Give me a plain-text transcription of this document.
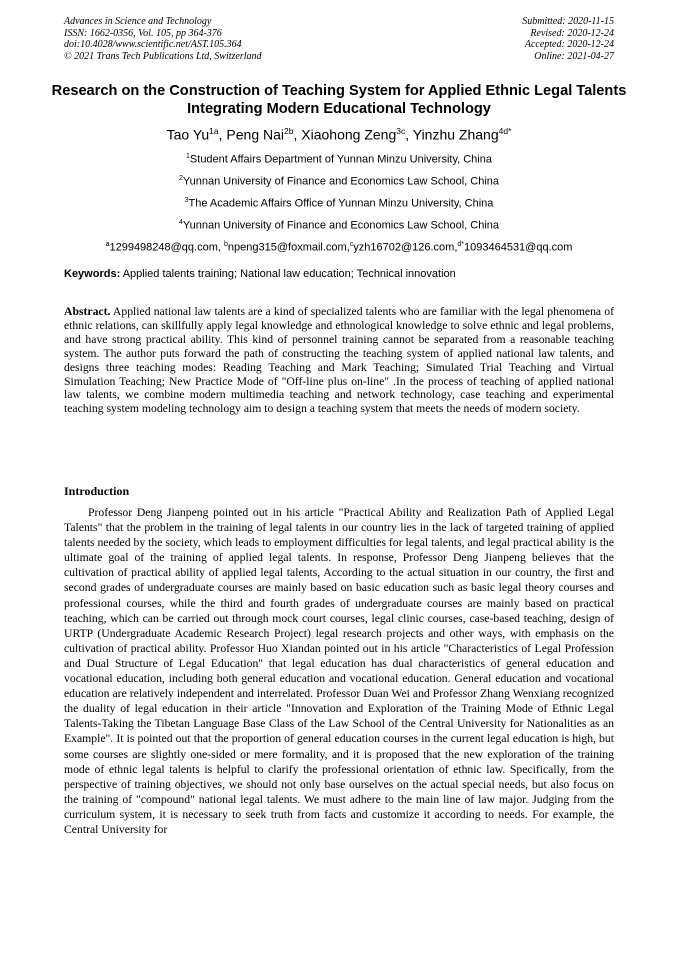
Advances in Science and Technology
ISSN: 1662-0356, Vol. 105, pp 364-376
doi:10.4028/www.scientific.net/AST.105.364
© 2021 Trans Tech Publications Ltd, Switzerland
Submitted: 2020-11-15
Revised: 2020-12-24
Accepted: 2020-12-24
Online: 2021-04-27
Research on the Construction of Teaching System for Applied Ethnic Legal Talents Integrating Modern Educational Technology
Tao $Yu^{1a}$, Peng Nai$^{2b}$, Xiaohong Zeng$^{3c}$, Yinzhu Zhang$^{4d*}$
$^1$Student Affairs Department of Yunnan Minzu University, China
$^2$Yunnan University of Finance and Economics Law School, China
$^3$The Academic Affairs Office of Yunnan Minzu University, China
$^4$Yunnan University of Finance and Economics Law School, China
$^a$1299498248@qq.com, $^b$npeng315@foxmail.com,$^c$yzh16702@126.com,$^{d*}$1093464531@qq.com
Keywords: Applied talents training; National law education; Technical innovation
Abstract. Applied national law talents are a kind of specialized talents who are familiar with the legal phenomena of ethnic relations, can skillfully apply legal knowledge and ethnological knowledge to solve ethnic and legal problems, and have strong practical ability. This kind of personnel training cannot be separated from a reasonable teaching system. The author puts forward the path of constructing the teaching system of applied national law talents, and designs three teaching modes: Reading Teaching and Mark Teaching; Simulated Trial Teaching and Virtual Simulation Teaching; New Practice Mode of "Off-line plus on-line" .In the process of teaching of applied national law talents, we combine modern multimedia teaching and network technology, case teaching and experimental teaching system modeling technology aim to design a teaching system that meets the needs of modern society.
Introduction
Professor Deng Jianpeng pointed out in his article "Practical Ability and Realization Path of Applied Legal Talents" that the problem in the training of legal talents in our country lies in the lack of targeted training of applied talents needed by the society, which leads to employment difficulties for legal talents, and legal practical ability is the ultimate goal of the training of applied legal talents. In response, Professor Deng Jianpeng believes that the cultivation of practical ability of applied legal talents, According to the actual situation in our country, the first and second grades of undergraduate courses are mainly based on basic education such as basic legal theory courses and professional courses, while the third and fourth grades of undergraduate courses are mainly based on practical teaching, which can be carried out through mock court courses, legal clinic courses, case-based teaching, design of URTP (Undergraduate Academic Research Project) legal research projects and other ways, with emphasis on the cultivation of practical ability. Professor Huo Xiandan pointed out in his article "Characteristics of Legal Profession and Dual Structure of Legal Education" that legal education has dual characteristics of general education and vocational education, including both general education and vocational education. General education and vocational education are relatively independent and interrelated. Professor Duan Wei and Professor Zhang Wenxiang recognized the duality of legal education in their article "Innovation and Exploration of the Training Mode of Ethnic Legal Talents-Taking the Tibetan Language Base Class of the Law School of the Central University for Nationalities as an Example". It is pointed out that the proportion of general education courses in the current legal education is high, but some courses are slightly one-sided or mere formality, and it is proposed that the new exploration of the training mode of ethnic legal talents is helpful to clarify the professional orientation of ethnic law. Specifically, from the perspective of training objectives, we should not only base ourselves on the actual special needs, but also focus on the training of "compound" national legal talents. We must adhere to the main line of law major. Judging from the curriculum system, it is necessary to seek truth from facts and customize it according to needs. For example, the Central University for
